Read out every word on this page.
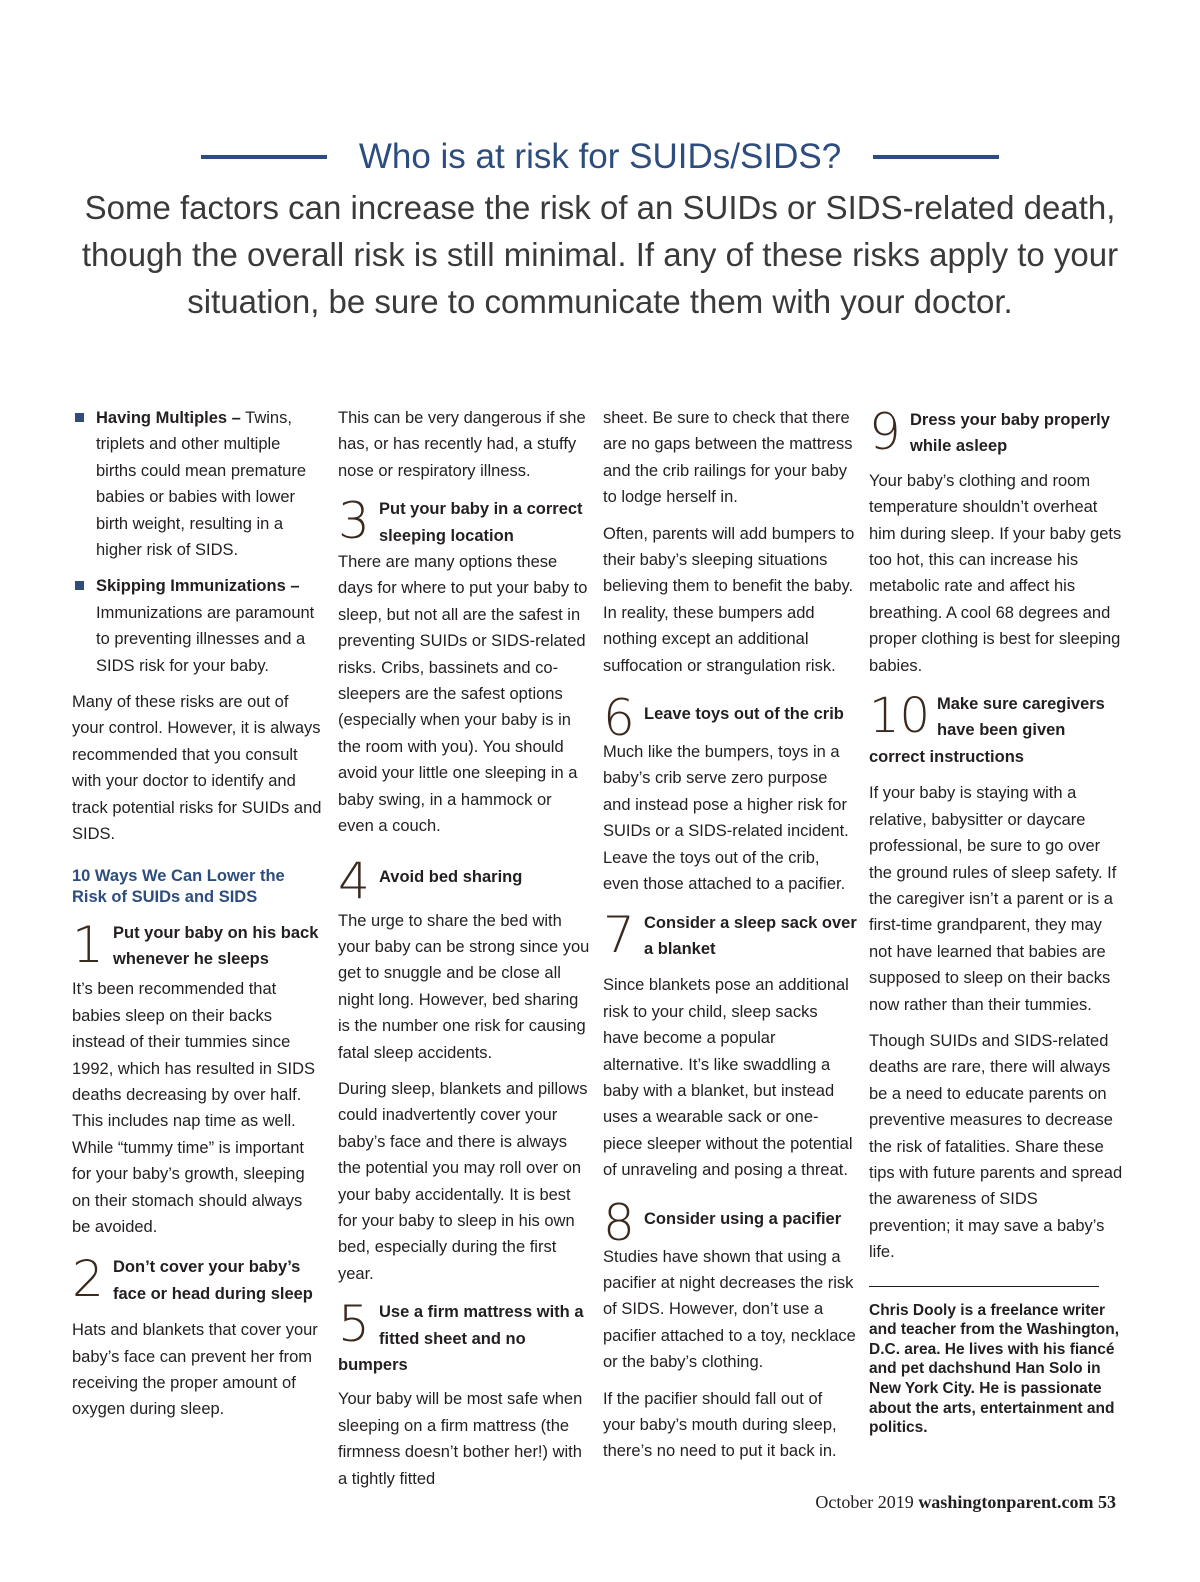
Who is at risk for SUIDs/SIDS?

Some factors can increase the risk of an SUIDs or SIDS-related death, though the overall risk is still minimal. If any of these risks apply to your situation, be sure to communicate them with your doctor.

Having Multiples – Twins, triplets and other multiple births could mean premature babies or babies with lower birth weight, resulting in a higher risk of SIDS.
Skipping Immunizations – Immunizations are paramount to preventing illnesses and a SIDS risk for your baby.

Many of these risks are out of your control. However, it is always recommended that you consult with your doctor to identify and track potential risks for SUIDs and SIDS.

10 Ways We Can Lower the Risk of SUIDs and SIDS
1 Put your baby on his back whenever he sleeps

It’s been recommended that babies sleep on their backs instead of their tummies since 1992, which has resulted in SIDS deaths decreasing by over half. This includes nap time as well. While “tummy time” is important for your baby’s growth, sleeping on their stomach should always be avoided.

2 Don’t cover your baby’s face or head during sleep

Hats and blankets that cover your baby’s face can prevent her from receiving the proper amount of oxygen during sleep.

This can be very dangerous if she has, or has recently had, a stuffy nose or respiratory illness.

3 Put your baby in a correct sleeping location

There are many options these days for where to put your baby to sleep, but not all are the safest in preventing SUIDs or SIDS-related risks. Cribs, bassinets and co-sleepers are the safest options (especially when your baby is in the room with you). You should avoid your little one sleeping in a baby swing, in a hammock or even a couch.

4 Avoid bed sharing

The urge to share the bed with your baby can be strong since you get to snuggle and be close all night long. However, bed sharing is the number one risk for causing fatal sleep accidents.

During sleep, blankets and pillows could inadvertently cover your baby’s face and there is always the potential you may roll over on your baby accidentally. It is best for your baby to sleep in his own bed, especially during the first year.

5 Use a firm mattress with a fitted sheet and no
bumpers

Your baby will be most safe when sleeping on a firm mattress (the firmness doesn’t bother her!) with a tightly fitted

sheet. Be sure to check that there are no gaps between the mattress and the crib railings for your baby to lodge herself in.

Often, parents will add bumpers to their baby’s sleeping situations believing them to benefit the baby. In reality, these bumpers add nothing except an additional suffocation or strangulation risk.

6 Leave toys out of the crib

Much like the bumpers, toys in a baby’s crib serve zero purpose and instead pose a higher risk for SUIDs or a SIDS-related incident. Leave the toys out of the crib, even those attached to a pacifier.

7 Consider a sleep sack over a blanket

Since blankets pose an additional risk to your child, sleep sacks have become a popular alternative. It’s like swaddling a baby with a blanket, but instead uses a wearable sack or one-piece sleeper without the potential of unraveling and posing a threat.

8 Consider using a pacifier

Studies have shown that using a pacifier at night decreases the risk of SIDS. However, don’t use a pacifier attached to a toy, necklace or the baby’s clothing.

If the pacifier should fall out of your baby’s mouth during sleep, there’s no need to put it back in.

9 Dress your baby properly while asleep

Your baby’s clothing and room temperature shouldn’t overheat him during sleep. If your baby gets too hot, this can increase his metabolic rate and affect his breathing. A cool 68 degrees and proper clothing is best for sleeping babies.

10 Make sure caregivers have been given
correct instructions

If your baby is staying with a relative, babysitter or daycare professional, be sure to go over the ground rules of sleep safety. If the caregiver isn’t a parent or is a first-time grandparent, they may not have learned that babies are supposed to sleep on their backs now rather than their tummies.

Though SUIDs and SIDS-related deaths are rare, there will always be a need to educate parents on preventive measures to decrease the risk of fatalities. Share these tips with future parents and spread the awareness of SIDS prevention; it may save a baby’s life.

Chris Dooly is a freelance writer and teacher from the Washington, D.C. area. He lives with his fiancé and pet dachshund Han Solo in New York City. He is passionate about the arts, entertainment and politics.

October 2019 washingtonparent.com 53
